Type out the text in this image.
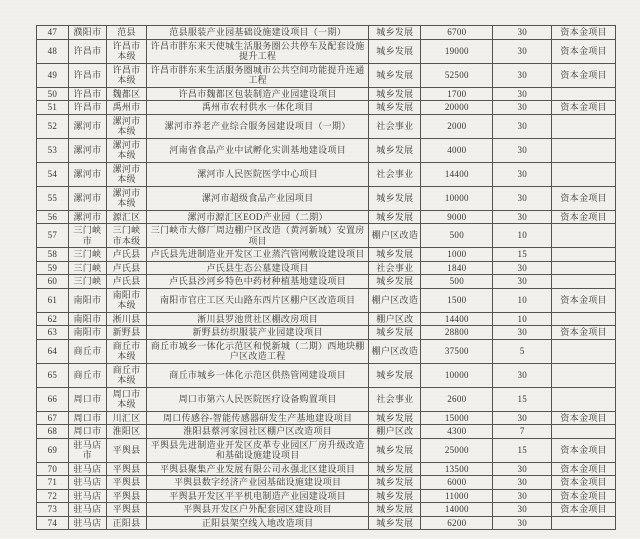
47	濮阳市	范县	范县服装产业园基础设施建设项目（一期）	城乡发展	6700	30	资本金项目
48	许昌市	许昌市本级	许昌市胖东来天使城生活服务圈公共停车及配套设施提升工程	城乡发展	19000	30	资本金项目
49	许昌市	许昌市本级	许昌市胖东来生活服务圈城市公共空间功能提升连通工程	城乡发展	52500	30	资本金项目
50	许昌市	魏都区	许昌市魏都区包装制造产业园建设项目	城乡发展	1700	30	
51	许昌市	禹州市	禹州市农村供水一体化项目	城乡发展	20000	30	资本金项目
52	漯河市	漯河市本级	漯河市养老产业综合服务园建设项目（一期）	社会事业	2000	30	
53	漯河市	漯河市本级	河南省食品产业中试孵化实训基地建设项目	城乡发展	4000	30	
54	漯河市	漯河市本级	漯河市人民医院医学中心项目	社会事业	14400	30	
55	漯河市	漯河市本级	漯河市超级食品产业园项目	城乡发展	10000	30	资本金项目
56	漯河市	源汇区	漯河市源汇区EOD产业园（二期）	城乡发展	9000	30	资本金项目
57	三门峡市	三门峡市本级	三门峡市大修厂周边棚户区改造（黄河新城）安置房项目	棚户区改造	500	10	
58	三门峡	卢氏县	卢氏县先进制造业开发区工业蒸汽管网敷设建设项目	城乡发展	1000	15	
59	三门峡	卢氏县	卢氏县生态公墓建设项目	社会事业	1840	30	
60	三门峡	卢氏县	卢氏县沙河乡特色中药材种植基地建设项目	城乡发展	500	30	
61	南阳市	南阳市本级	南阳市官庄工区天山路东西片区棚户区改造项目	棚户区改造	1500	10	资本金项目
62	南阳市	淅川县	淅川县罗池贯社区棚改房项目	棚户区改	14400	10	
63	南阳市	新野县	新野县纺织服装产业园建设项目	城乡发展	28800	30	资本金项目
64	商丘市	商丘市本级	商丘市城乡一体化示范区和悦新城（二期）西地块棚户区改造工程	棚户区改造	37500	5	
65	商丘市	商丘市本级	商丘市城乡一体化示范区供热管网建设项目	城乡发展	10000	30	
66	周口市	周口市本级	周口市第六人民医院医疗设备购置项目	社会事业	2600	15	
67	周口市	川汇区	周口传感谷-智能传感器研发生产基地建设项目	城乡发展	15000	30	资本金项目
68	周口市	淮阳区	淮阳县蔡河家园社区棚户区改造项目	棚户区改	4300	7	
69	驻马店市	平舆县	平舆县先进制造业开发区皮革专业园区厂房升级改造和基础设施建设项目	城乡发展	25000	15	资本金项目
70	驻马店	平舆县	平舆县聚集产业发展有限公司永强北区建设项目	城乡发展	13500	30	资本金项目
71	驻马店	平舆县	平舆县数字经济产业园基础设施建设项目	城乡发展	6000	30	资本金项目
72	驻马店	平舆县	平舆县开发区平平机电制造产业园建设项目	城乡发展	11000	30	资本金项目
73	驻马店	平舆县	平舆县开发区户外配套园区建设项目	城乡发展	14000	30	资本金项目
74	驻马店	正阳县	正阳县架空线入地改造项目	城乡发展	6200	30	
